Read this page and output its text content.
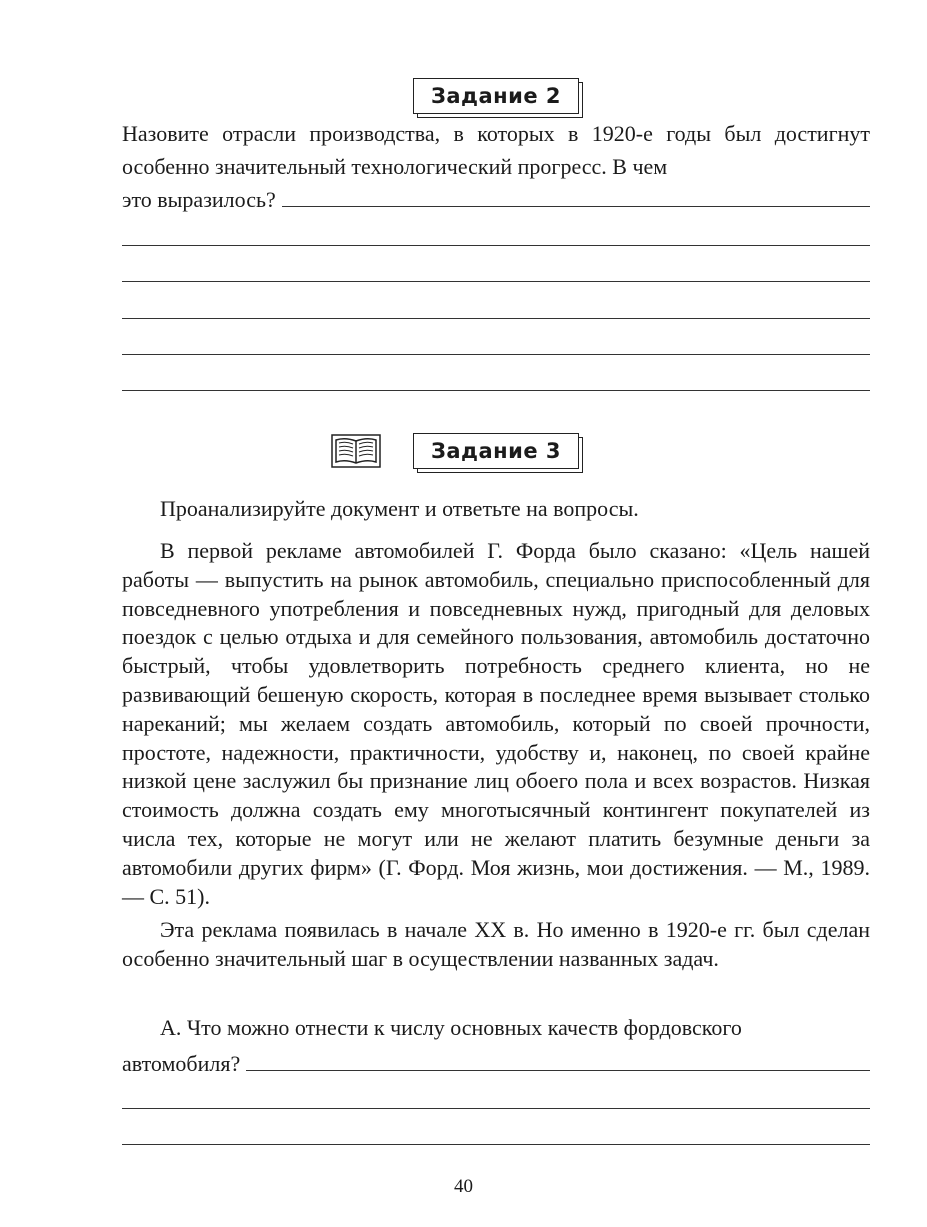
Задание 2

Назовите отрасли производства, в которых в 1920-е годы был достигнут особенно значительный технологический прогресс. В чем

это выразилось?
Задание 3

Проанализируйте документ и ответьте на вопросы.

В первой рекламе автомобилей Г. Форда было сказано: «Цель нашей работы — выпустить на рынок автомобиль, специально приспособленный для повседневного употребления и повседневных нужд, пригодный для деловых поездок с целью отдыха и для семейного пользования, автомобиль достаточно быстрый, чтобы удовлетворить потребность среднего клиента, но не развивающий бешеную скорость, которая в последнее время вызывает столько нареканий; мы желаем создать автомобиль, который по своей прочности, простоте, надежности, практичности, удобству и, наконец, по своей крайне низкой цене заслужил бы признание лиц обоего пола и всех возрастов. Низкая стоимость должна создать ему многотысячный контингент покупателей из числа тех, которые не могут или не желают платить безумные деньги за автомобили других фирм» (Г. Форд. Моя жизнь, мои достижения. — М., 1989. — С. 51).

Эта реклама появилась в начале XX в. Но именно в 1920-е гг. был сделан особенно значительный шаг в осуществлении названных задач.

А. Что можно отнести к числу основных качеств фордовского

автомобиля?
40
